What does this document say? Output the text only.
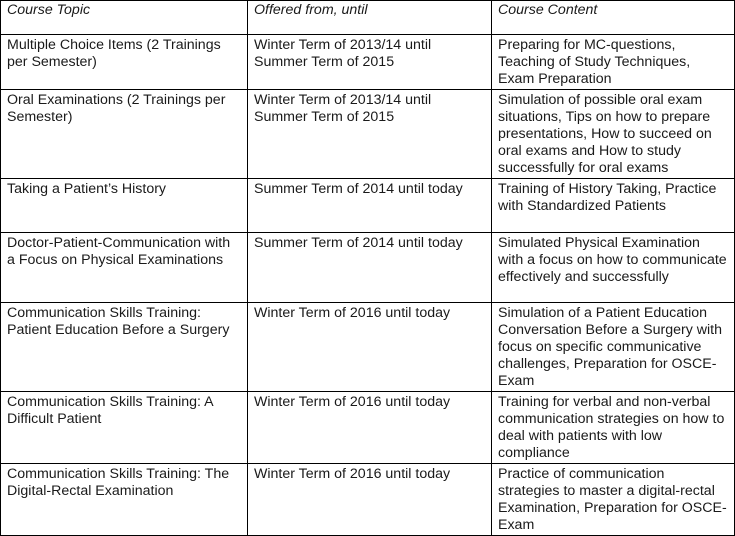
Course Topic	Offered from, until	Course Content
Multiple Choice Items (2 Trainings per Semester)	Winter Term of 2013/14 until Summer Term of 2015	Preparing for MC-questions, Teaching of Study Techniques, Exam Preparation
Oral Examinations (2 Trainings per Semester)	Winter Term of 2013/14 until Summer Term of 2015	Simulation of possible oral exam situations, Tips on how to prepare presentations, How to succeed on oral exams and How to study successfully for oral exams
Taking a Patient’s History	Summer Term of 2014 until today	Training of History Taking, Practice with Standardized Patients
Doctor-Patient-Communication with a Focus on Physical Examinations	Summer Term of 2014 until today	Simulated Physical Examination with a focus on how to communicate effectively and successfully
Communication Skills Training: Patient Education Before a Surgery	Winter Term of 2016 until today	Simulation of a Patient Education Conversation Before a Surgery with focus on specific communicative challenges, Preparation for OSCE-Exam
Communication Skills Training: A Difficult Patient	Winter Term of 2016 until today	Training for verbal and non-verbal communication strategies on how to deal with patients with low compliance
Communication Skills Training: The Digital-Rectal Examination	Winter Term of 2016 until today	Practice of communication strategies to master a digital-rectal Examination, Preparation for OSCE-Exam
